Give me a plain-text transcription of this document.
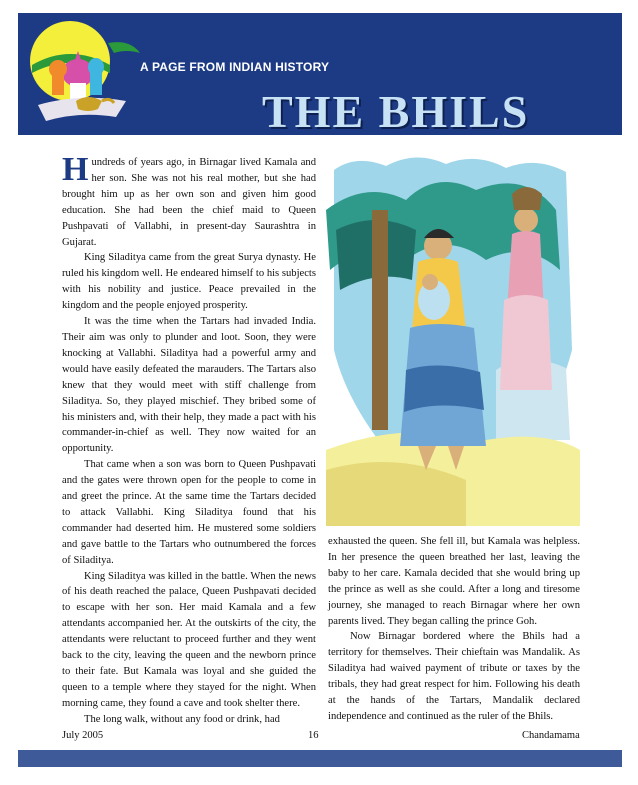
A PAGE FROM INDIAN HISTORY
THE BHILS

Hundreds of years ago, in Birnagar lived Kamala and her son. She was not his real mother, but she had brought him up as her own son and given him good education. She had been the chief maid to Queen Pushpavati of Vallabhi, in present-day Saurashtra in Gujarat.

King Siladitya came from the great Surya dynasty. He ruled his kingdom well. He endeared himself to his subjects with his nobility and justice. Peace prevailed in the kingdom and the people enjoyed prosperity.

It was the time when the Tartars had invaded India. Their aim was only to plunder and loot. Soon, they were knocking at Vallabhi. Siladitya had a powerful army and would have easily defeated the marauders. The Tartars also knew that they would meet with stiff challenge from Siladitya. So, they played mischief. They bribed some of his ministers and, with their help, they made a pact with his commander-in-chief as well. They now waited for an opportunity.

That came when a son was born to Queen Pushpavati and the gates were thrown open for the people to come in and greet the prince. At the same time the Tartars decided to attack Vallabhi. King Siladitya found that his commander had deserted him. He mustered some soldiers and gave battle to the Tartars who outnumbered the forces of Siladitya.

King Siladitya was killed in the battle. When the news of his death reached the palace, Queen Pushpavati decided to escape with her son. Her maid Kamala and a few attendants accompanied her. At the outskirts of the city, the attendants were reluctant to proceed further and they went back to the city, leaving the queen and the newborn prince to their fate. But Kamala was loyal and she guided the queen to a temple where they stayed for the night. When morning came, they found a cave and took shelter there.

The long walk, without any food or drink, had

exhausted the queen. She fell ill, but Kamala was helpless. In her presence the queen breathed her last, leaving the baby to her care. Kamala decided that she would bring up the prince as well as she could. After a long and tiresome journey, she managed to reach Birnagar where her own parents lived. They began calling the prince Goh.

Now Birnagar bordered where the Bhils had a territory for themselves. Their chieftain was Mandalik. As Siladitya had waived payment of tribute or taxes by the tribals, they had great respect for him. Following his death at the hands of the Tartars, Mandalik declared independence and continued as the ruler of the Bhils.

July 2005	16	Chandamama
